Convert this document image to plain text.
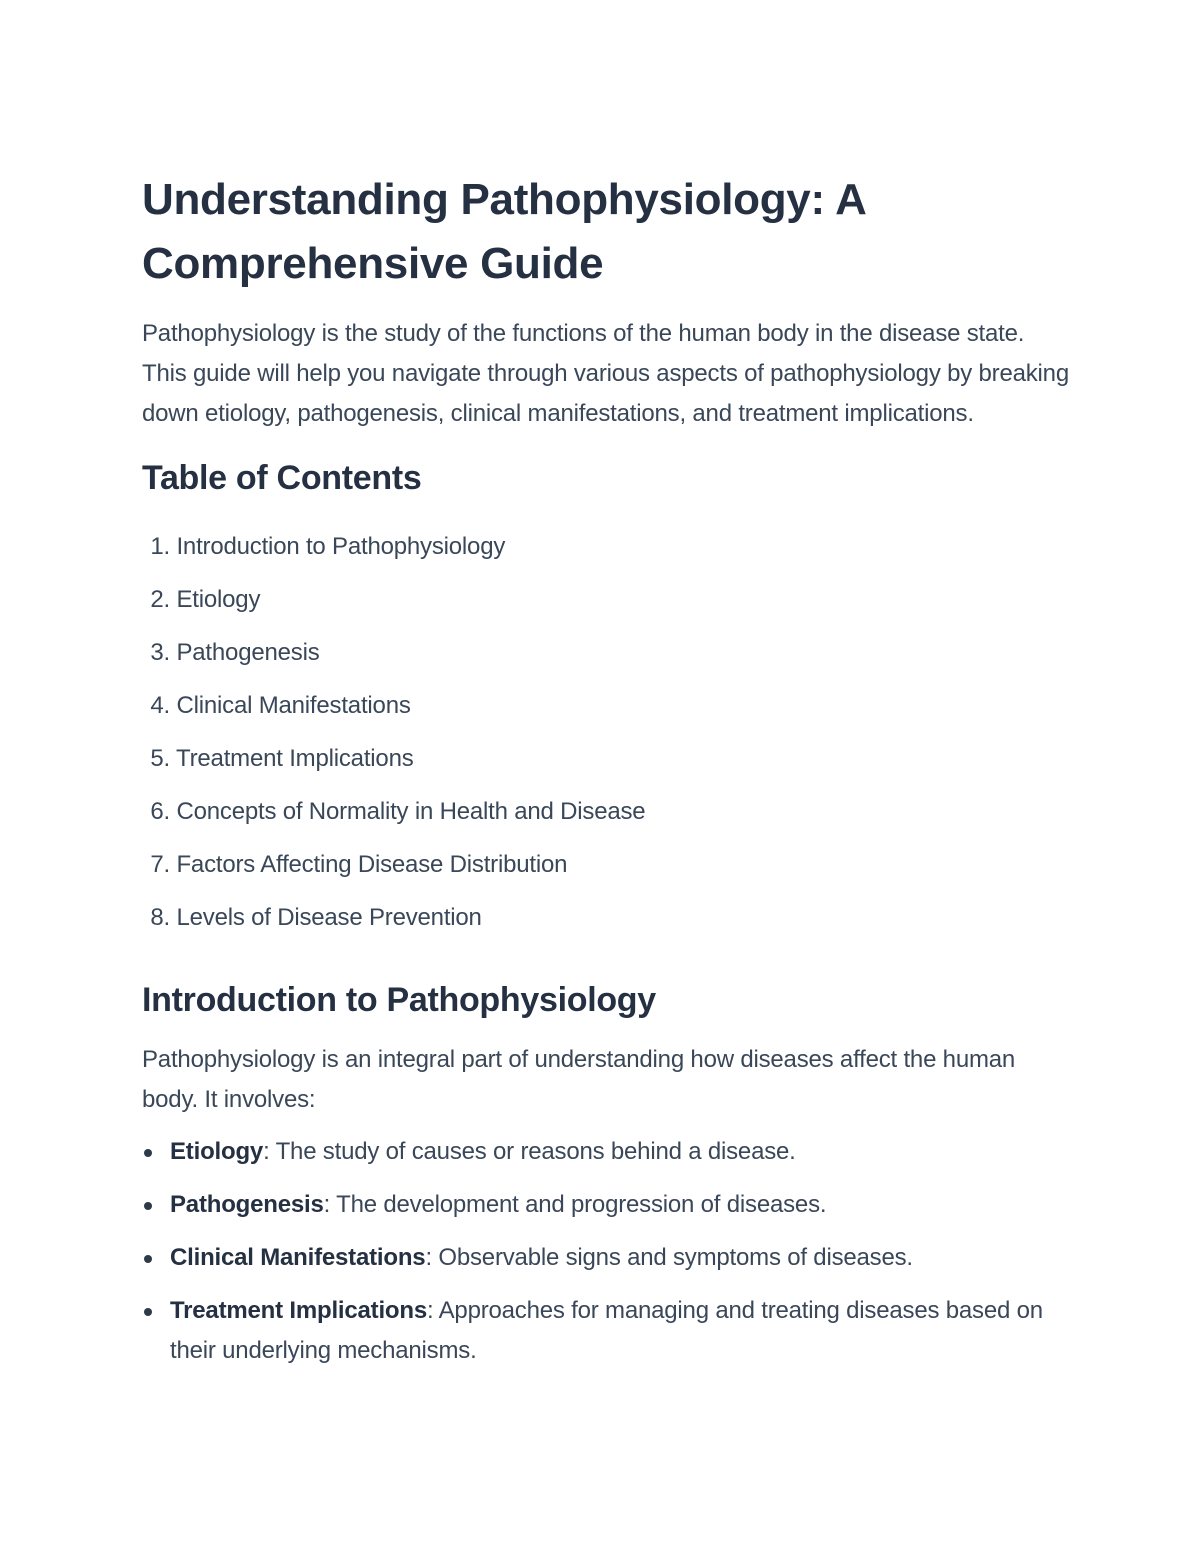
Understanding Pathophysiology: A Comprehensive Guide

Pathophysiology is the study of the functions of the human body in the disease state. This guide will help you navigate through various aspects of pathophysiology by breaking down etiology, pathogenesis, clinical manifestations, and treatment implications.

Table of Contents
1. Introduction to Pathophysiology
2. Etiology
3. Pathogenesis
4. Clinical Manifestations
5. Treatment Implications
6. Concepts of Normality in Health and Disease
7. Factors Affecting Disease Distribution
8. Levels of Disease Prevention
Introduction to Pathophysiology

Pathophysiology is an integral part of understanding how diseases affect the human body. It involves:

Etiology: The study of causes or reasons behind a disease.
Pathogenesis: The development and progression of diseases.
Clinical Manifestations: Observable signs and symptoms of diseases.
Treatment Implications: Approaches for managing and treating diseases based on their underlying mechanisms.
